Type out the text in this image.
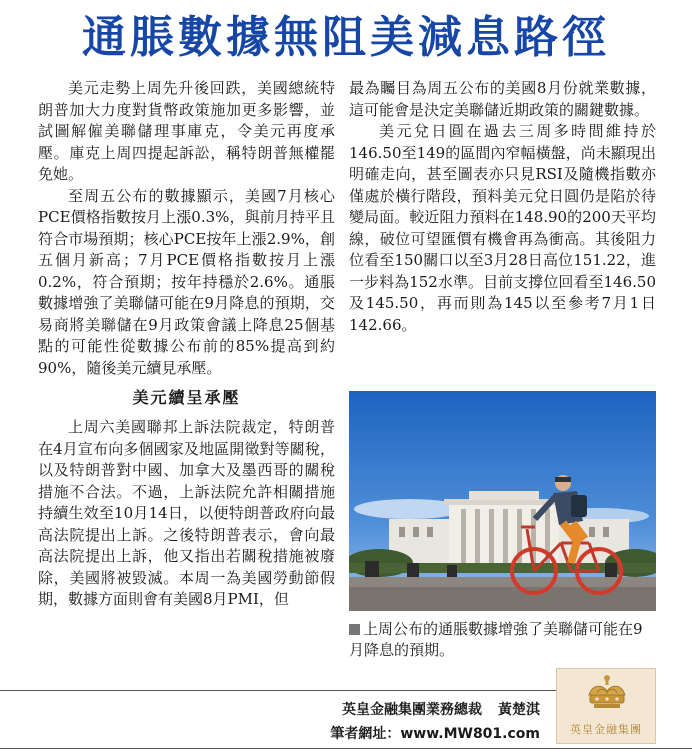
通脹數據無阻美減息路徑

美元走勢上周先升後回跌，美國總統特朗普加大力度對貨幣政策施加更多影響，並試圖解僱美聯儲理事庫克，令美元再度承壓。庫克上周四提起訴訟，稱特朗普無權罷免她。

至周五公布的數據顯示，美國7月核心PCE價格指數按月上漲0.3%，與前月持平且符合市場預期；核心PCE按年上漲2.9%，創五個月新高；7月PCE價格指數按月上漲0.2%，符合預期；按年持穩於2.6%。通脹數據增強了美聯儲可能在9月降息的預期，交易商將美聯儲在9月政策會議上降息25個基點的可能性從數據公布前的85%提高到約90%，隨後美元續見承壓。

美元續呈承壓

上周六美國聯邦上訴法院裁定，特朗普在4月宣布向多個國家及地區開徵對等關稅，以及特朗普對中國、加拿大及墨西哥的關稅措施不合法。不過，上訴法院允許相關措施持續生效至10月14日，以便特朗普政府向最高法院提出上訴。之後特朗普表示，會向最高法院提出上訴，他又指出若關稅措施被廢除，美國將被毀滅。本周一為美國勞動節假期，數據方面則會有美國8月PMI，但

最為矚目為周五公布的美國8月份就業數據，這可能會是決定美聯儲近期政策的關鍵數據。

美元兌日圓在過去三周多時間維持於146.50至149的區間內窄幅橫盤，尚未顯現出明確走向，甚至圖表亦只見RSI及隨機指數亦僅處於橫行階段，預料美元兌日圓仍是陷於待變局面。較近阻力預料在148.90的200天平均線，破位可望匯價有機會再為衝高。其後阻力位看至150關口以至3月28日高位151.22，進一步料為152水準。目前支撐位回看至146.50及145.50，再而則為145以至參考7月1日142.66。

上周公布的通脹數據增強了美聯儲可能在9月降息的預期。

英皇金融集團業務總裁 黃楚淇

筆者網址：www.MW801.com	英皇金融集團
